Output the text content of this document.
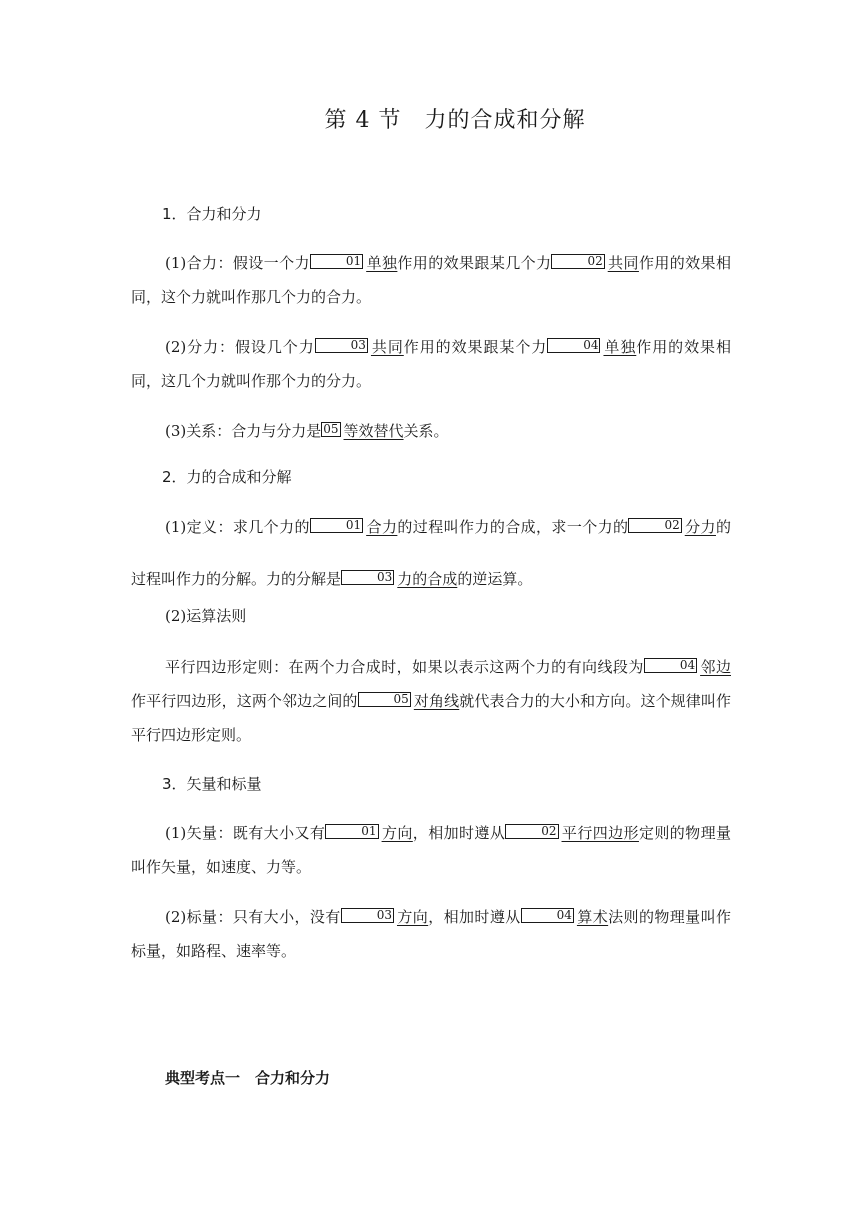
第 4 节　力的合成和分解
1．合力和分力
(1)合力：假设一个力	01 单独作用的效果跟某几个力	02 共同作用的效果相同，这个力就叫作那几个力的合力。
(2)分力：假设几个力	03 共同作用的效果跟某个力	04 单独作用的效果相同，这几个力就叫作那个力的分力。
(3)关系：合力与分力是 05 等效替代关系。
2．力的合成和分解
(1)定义：求几个力的	01 合力的过程叫作力的合成，求一个力的	02 分力的过程叫作力的分解。力的分解是	03 力的合成的逆运算。
(2)运算法则
平行四边形定则：在两个力合成时，如果以表示这两个力的有向线段为	04 邻边作平行四边形，这两个邻边之间的	05 对角线就代表合力的大小和方向。这个规律叫作平行四边形定则。
3．矢量和标量
(1)矢量：既有大小又有	01 方向，相加时遵从	02 平行四边形定则的物理量叫作矢量，如速度、力等。
(2)标量：只有大小，没有	03 方向，相加时遵从	04 算术法则的物理量叫作标量，如路程、速率等。
典型考点一　合力和分力
